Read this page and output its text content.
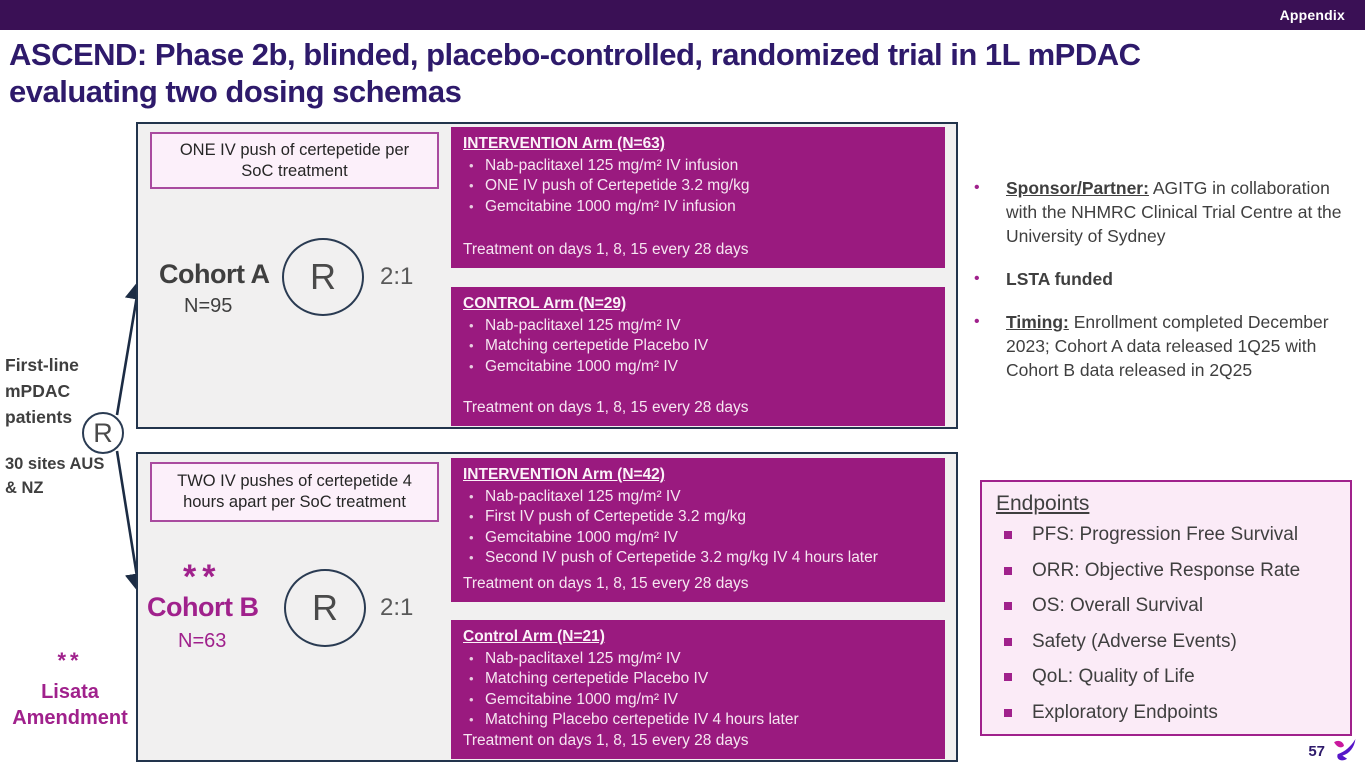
Appendix
ASCEND: Phase 2b, blinded, placebo-controlled, randomized trial in 1L mPDAC
evaluating two dosing schemas
First-line mPDAC patients
30 sites AUS & NZ
R
ONE IV push of certepetide per SoC treatment
Cohort A
N=95
R 2:1
INTERVENTION Arm (N=63)
• Nab-paclitaxel 125 mg/m² IV infusion
• ONE IV push of Certepetide 3.2 mg/kg
• Gemcitabine 1000 mg/m² IV infusion
Treatment on days 1, 8, 15 every 28 days
CONTROL Arm (N=29)
• Nab-paclitaxel 125 mg/m² IV
• Matching certepetide Placebo IV
• Gemcitabine 1000 mg/m² IV
Treatment on days 1, 8, 15 every 28 days
TWO IV pushes of certepetide 4 hours apart per SoC treatment
**
Cohort B
N=63
R 2:1
INTERVENTION Arm (N=42)
• Nab-paclitaxel 125 mg/m² IV
• First IV push of Certepetide 3.2 mg/kg
• Gemcitabine 1000 mg/m² IV
• Second IV push of Certepetide 3.2 mg/kg IV 4 hours later
Treatment on days 1, 8, 15 every 28 days
Control Arm (N=21)
• Nab-paclitaxel 125 mg/m² IV
• Matching certepetide Placebo IV
• Gemcitabine 1000 mg/m² IV
• Matching Placebo certepetide IV 4 hours later
Treatment on days 1, 8, 15 every 28 days
• Sponsor/Partner: AGITG in collaboration with the NHMRC Clinical Trial Centre at the University of Sydney
• LSTA funded
• Timing: Enrollment completed December 2023; Cohort A data released 1Q25 with Cohort B data released in 2Q25
Endpoints
PFS: Progression Free Survival
ORR: Objective Response Rate
OS: Overall Survival
Safety (Adverse Events)
QoL: Quality of Life
Exploratory Endpoints
**
Lisata
Amendment
57
